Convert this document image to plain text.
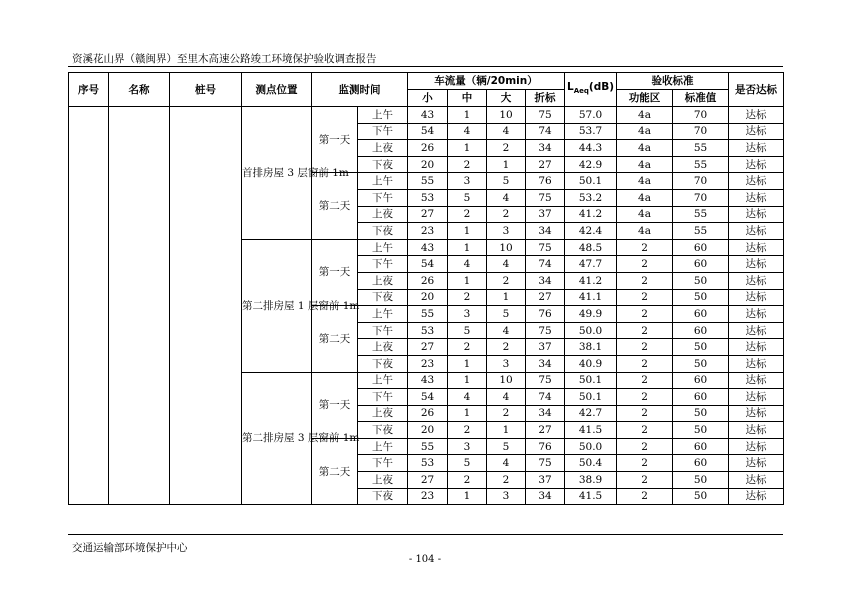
资溪花山界（赣闽界）至里木高速公路竣工环境保护验收调查报告
序号	名称	桩号	测点位置	监测时间		车流量（辆/20min）				$L_{Aeq}(dB)$	验收标准		是否达标
						小	中	大	折标		功能区	标准值	
			首排房屋 3 层窗前 1m	第一天	上午	43	1	10	75	57.0	4a	70	达标
					下午	54	4	4	74	53.7	4a	70	达标
					上夜	26	1	2	34	44.3	4a	55	达标
					下夜	20	2	1	27	42.9	4a	55	达标
				第二天	上午	55	3	5	76	50.1	4a	70	达标
					下午	53	5	4	75	53.2	4a	70	达标
					上夜	27	2	2	37	41.2	4a	55	达标
					下夜	23	1	3	34	42.4	4a	55	达标
			第二排房屋 1 层窗前 1m	第一天	上午	43	1	10	75	48.5	2	60	达标
					下午	54	4	4	74	47.7	2	60	达标
					上夜	26	1	2	34	41.2	2	50	达标
					下夜	20	2	1	27	41.1	2	50	达标
				第二天	上午	55	3	5	76	49.9	2	60	达标
					下午	53	5	4	75	50.0	2	60	达标
					上夜	27	2	2	37	38.1	2	50	达标
					下夜	23	1	3	34	40.9	2	50	达标
			第二排房屋 3 层窗前 1m	第一天	上午	43	1	10	75	50.1	2	60	达标
					下午	54	4	4	74	50.1	2	60	达标
					上夜	26	1	2	34	42.7	2	50	达标
					下夜	20	2	1	27	41.5	2	50	达标
				第二天	上午	55	3	5	76	50.0	2	60	达标
					下午	53	5	4	75	50.4	2	60	达标
					上夜	27	2	2	37	38.9	2	50	达标
					下夜	23	1	3	34	41.5	2	50	达标
交通运输部环境保护中心
- 104 -
